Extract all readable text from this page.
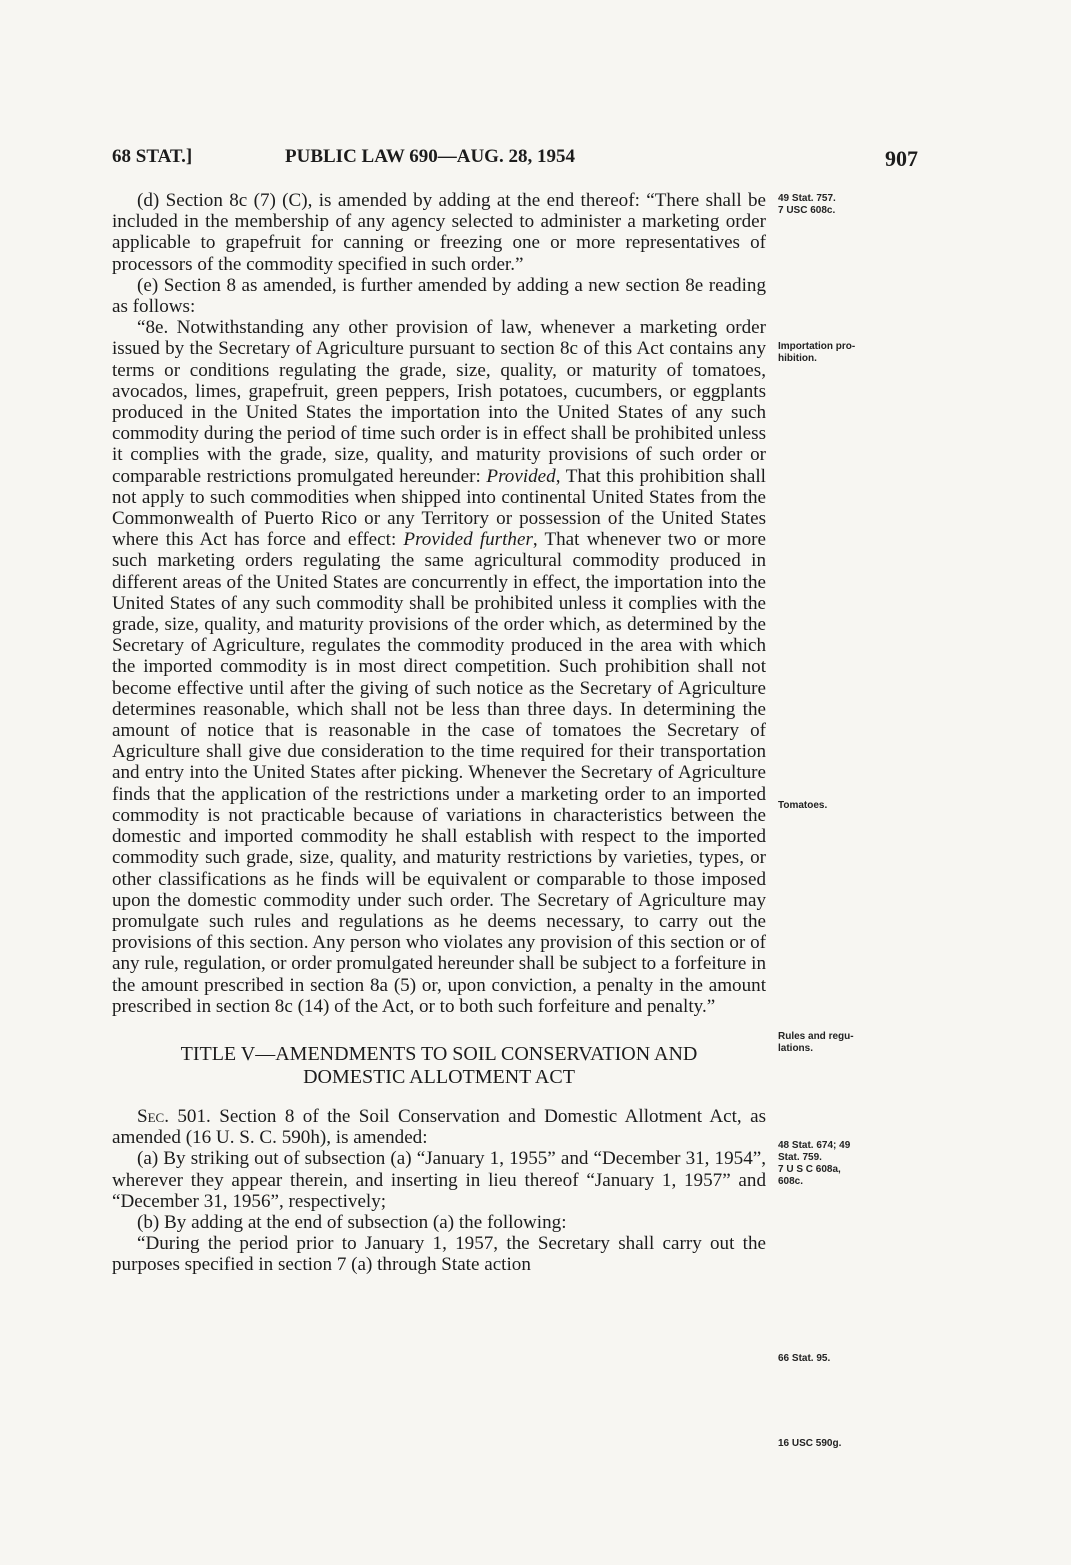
68 STAT.]	PUBLIC LAW 690—AUG. 28, 1954	907

(d) Section 8c (7) (C), is amended by adding at the end thereof: “There shall be included in the membership of any agency selected to administer a marketing order applicable to grapefruit for canning or freezing one or more representatives of processors of the commodity specified in such order.”

(e) Section 8 as amended, is further amended by adding a new section 8e reading as follows:

“8e. Notwithstanding any other provision of law, whenever a marketing order issued by the Secretary of Agriculture pursuant to section 8c of this Act contains any terms or conditions regulating the grade, size, quality, or maturity of tomatoes, avocados, limes, grapefruit, green peppers, Irish potatoes, cucumbers, or eggplants produced in the United States the importation into the United States of any such commodity during the period of time such order is in effect shall be prohibited unless it complies with the grade, size, quality, and maturity provisions of such order or comparable restrictions promulgated hereunder: Provided, That this prohibition shall not apply to such commodities when shipped into continental United States from the Commonwealth of Puerto Rico or any Territory or possession of the United States where this Act has force and effect: Provided further, That whenever two or more such marketing orders regulating the same agricultural commodity produced in different areas of the United States are concurrently in effect, the importation into the United States of any such commodity shall be prohibited unless it complies with the grade, size, quality, and maturity provisions of the order which, as determined by the Secretary of Agriculture, regulates the commodity produced in the area with which the imported commodity is in most direct competition. Such prohibition shall not become effective until after the giving of such notice as the Secretary of Agriculture determines reasonable, which shall not be less than three days. In determining the amount of notice that is reasonable in the case of tomatoes the Secretary of Agriculture shall give due consideration to the time required for their transportation and entry into the United States after picking. Whenever the Secretary of Agriculture finds that the application of the restrictions under a marketing order to an imported commodity is not practicable because of variations in characteristics between the domestic and imported commodity he shall establish with respect to the imported commodity such grade, size, quality, and maturity restrictions by varieties, types, or other classifications as he finds will be equivalent or comparable to those imposed upon the domestic commodity under such order. The Secretary of Agriculture may promulgate such rules and regulations as he deems necessary, to carry out the provisions of this section. Any person who violates any provision of this section or of any rule, regulation, or order promulgated hereunder shall be subject to a forfeiture in the amount prescribed in section 8a (5) or, upon conviction, a penalty in the amount prescribed in section 8c (14) of the Act, or to both such forfeiture and penalty.”

TITLE V—AMENDMENTS TO SOIL CONSERVATION AND
DOMESTIC ALLOTMENT ACT

Sec. 501. Section 8 of the Soil Conservation and Domestic Allotment Act, as amended (16 U. S. C. 590h), is amended:

(a) By striking out of subsection (a) “January 1, 1955” and “December 31, 1954”, wherever they appear therein, and inserting in lieu thereof “January 1, 1957” and “December 31, 1956”, respectively;

(b) By adding at the end of subsection (a) the following:

“During the period prior to January 1, 1957, the Secretary shall carry out the purposes specified in section 7 (a) through State action

49 Stat. 757.
7 USC 608c.
Importation pro-
hibition.
Tomatoes.
Rules and regu-
lations.
48 Stat. 674; 49
Stat. 759.
7 U S C 608a,
608c.
66 Stat. 95.
16 USC 590g.
